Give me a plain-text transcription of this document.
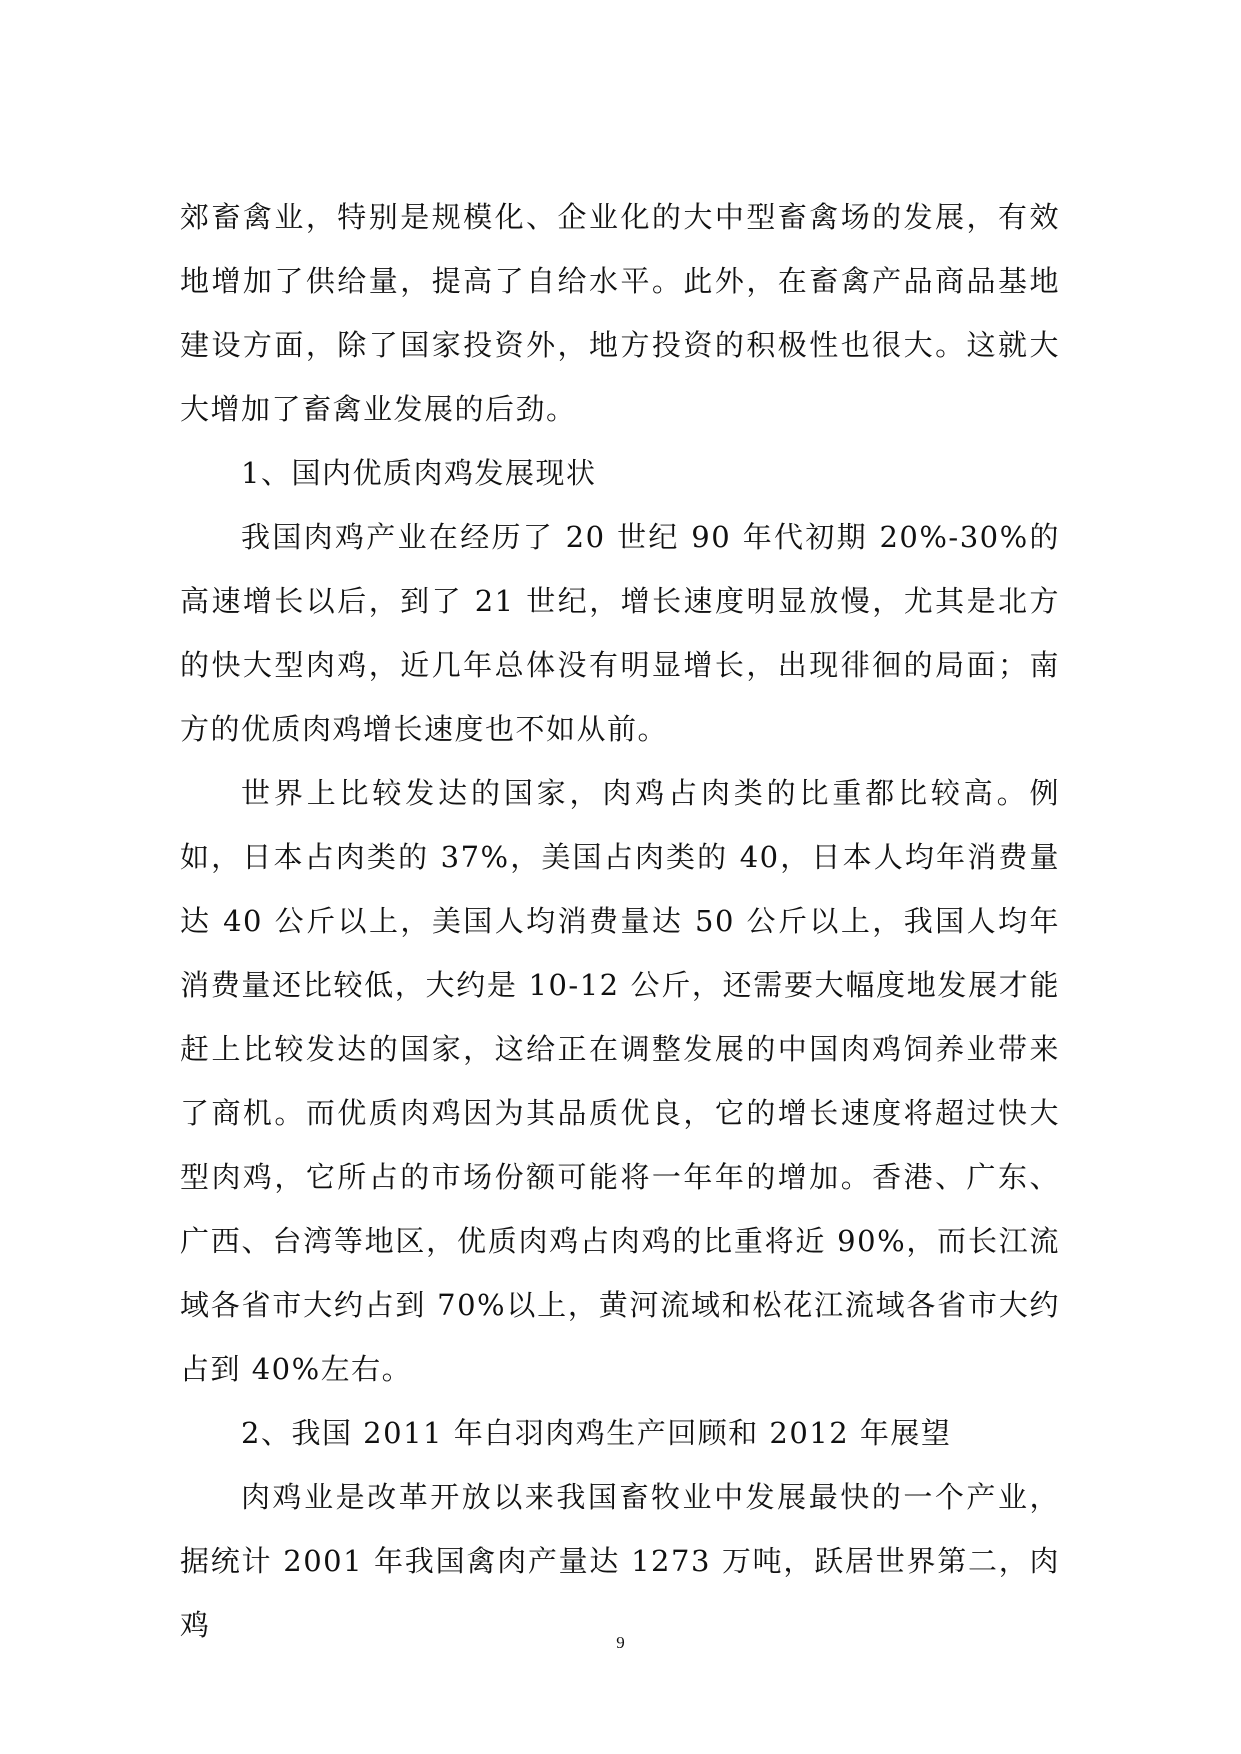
郊畜禽业，特别是规模化、企业化的大中型畜禽场的发展，有效地增加了供给量，提高了自给水平。此外，在畜禽产品商品基地建设方面，除了国家投资外，地方投资的积极性也很大。这就大大增加了畜禽业发展的后劲。

1、国内优质肉鸡发展现状

我国肉鸡产业在经历了 20 世纪 90 年代初期 20%-30%的高速增长以后，到了 21 世纪，增长速度明显放慢，尤其是北方的快大型肉鸡，近几年总体没有明显增长，出现徘徊的局面；南方的优质肉鸡增长速度也不如从前。

世界上比较发达的国家，肉鸡占肉类的比重都比较高。例如，日本占肉类的 37%，美国占肉类的 40，日本人均年消费量达 40 公斤以上，美国人均消费量达 50 公斤以上，我国人均年消费量还比较低，大约是 10-12 公斤，还需要大幅度地发展才能赶上比较发达的国家，这给正在调整发展的中国肉鸡饲养业带来了商机。而优质肉鸡因为其品质优良，它的增长速度将超过快大型肉鸡，它所占的市场份额可能将一年年的增加。香港、广东、广西、台湾等地区，优质肉鸡占肉鸡的比重将近 90%，而长江流域各省市大约占到 70%以上，黄河流域和松花江流域各省市大约占到 40%左右。

2、我国 2011 年白羽肉鸡生产回顾和 2012 年展望

肉鸡业是改革开放以来我国畜牧业中发展最快的一个产业，据统计 2001 年我国禽肉产量达 1273 万吨，跃居世界第二，肉鸡

9
